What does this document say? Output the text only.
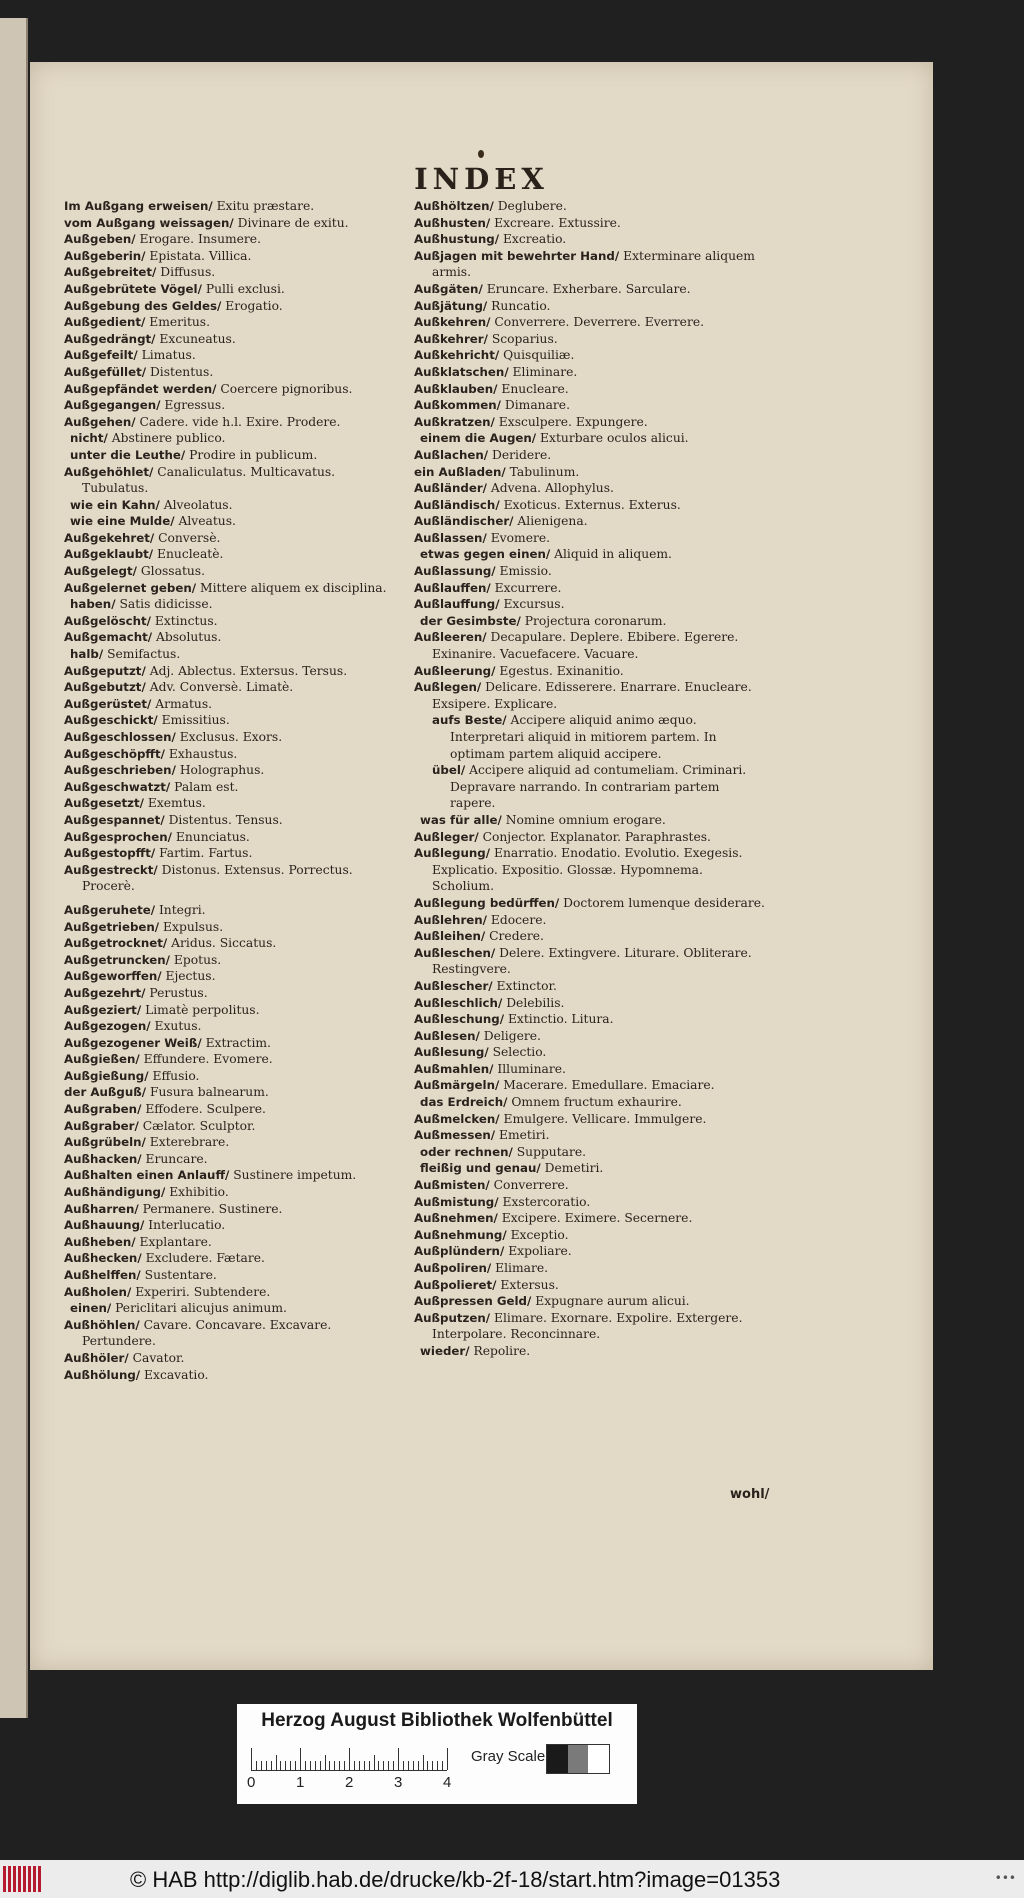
INDEX

Im Außgang erweisen/ Exitu præstare.

vom Außgang weissagen/ Divinare de exitu.

Außgeben/ Erogare. Insumere.

Außgeberin/ Epistata. Villica.

Außgebreitet/ Diffusus.

Außgebrütete Vögel/ Pulli exclusi.

Außgebung des Geldes/ Erogatio.

Außgedient/ Emeritus.

Außgedrängt/ Excuneatus.

Außgefeilt/ Limatus.

Außgefüllet/ Distentus.

Außgepfändet werden/ Coercere pignoribus.

Außgegangen/ Egressus.

Außgehen/ Cadere. vide h.l. Exire. Prodere.

nicht/ Abstinere publico.

unter die Leuthe/ Prodire in publicum.

Außgehöhlet/ Canaliculatus. Multicavatus. Tubulatus.

wie ein Kahn/ Alveolatus.

wie eine Mulde/ Alveatus.

Außgekehret/ Conversè.

Außgeklaubt/ Enucleatè.

Außgelegt/ Glossatus.

Außgelernet geben/ Mittere aliquem ex disciplina.

haben/ Satis didicisse.

Außgelöscht/ Extinctus.

Außgemacht/ Absolutus.

halb/ Semifactus.

Außgeputzt/ Adj. Ablectus. Extersus. Tersus.

Außgebutzt/ Adv. Conversè. Limatè.

Außgerüstet/ Armatus.

Außgeschickt/ Emissitius.

Außgeschlossen/ Exclusus. Exors.

Außgeschöpfft/ Exhaustus.

Außgeschrieben/ Holographus.

Außgeschwatzt/ Palam est.

Außgesetzt/ Exemtus.

Außgespannet/ Distentus. Tensus.

Außgesprochen/ Enunciatus.

Außgestopfft/ Fartim. Fartus.

Außgestreckt/ Distonus. Extensus. Porrectus. Procerè.

Außgeruhete/ Integri.

Außgetrieben/ Expulsus.

Außgetrocknet/ Aridus. Siccatus.

Außgetruncken/ Epotus.

Außgeworffen/ Ejectus.

Außgezehrt/ Perustus.

Außgeziert/ Limatè perpolitus.

Außgezogen/ Exutus.

Außgezogener Weiß/ Extractim.

Außgießen/ Effundere. Evomere.

Außgießung/ Effusio.

der Außguß/ Fusura balnearum.

Außgraben/ Effodere. Sculpere.

Außgraber/ Cælator. Sculptor.

Außgrübeln/ Exterebrare.

Außhacken/ Eruncare.

Außhalten einen Anlauff/ Sustinere impetum.

Außhändigung/ Exhibitio.

Außharren/ Permanere. Sustinere.

Außhauung/ Interlucatio.

Außheben/ Explantare.

Außhecken/ Excludere. Fætare.

Außhelffen/ Sustentare.

Außholen/ Experiri. Subtendere.

einen/ Periclitari alicujus animum.

Außhöhlen/ Cavare. Concavare. Excavare. Pertundere.

Außhöler/ Cavator.

Außhölung/ Excavatio.

Außhöltzen/ Deglubere.

Außhusten/ Excreare. Extussire.

Außhustung/ Excreatio.

Außjagen mit bewehrter Hand/ Exterminare aliquem armis.

Außgäten/ Eruncare. Exherbare. Sarculare.

Außjätung/ Runcatio.

Außkehren/ Converrere. Deverrere. Everrere.

Außkehrer/ Scoparius.

Außkehricht/ Quisquiliæ.

Außklatschen/ Eliminare.

Außklauben/ Enucleare.

Außkommen/ Dimanare.

Außkratzen/ Exsculpere. Expungere.

einem die Augen/ Exturbare oculos alicui.

Außlachen/ Deridere.

ein Außladen/ Tabulinum.

Außländer/ Advena. Allophylus.

Außländisch/ Exoticus. Externus. Exterus.

Außländischer/ Alienigena.

Außlassen/ Evomere.

etwas gegen einen/ Aliquid in aliquem.

Außlassung/ Emissio.

Außlauffen/ Excurrere.

Außlauffung/ Excursus.

der Gesimbste/ Projectura coronarum.

Außleeren/ Decapulare. Deplere. Ebibere. Egerere. Exinanire. Vacuefacere. Vacuare.

Außleerung/ Egestus. Exinanitio.

Außlegen/ Delicare. Edisserere. Enarrare. Enucleare. Exsipere. Explicare.

aufs Beste/ Accipere aliquid animo æquo. Interpretari aliquid in mitiorem partem. In optimam partem aliquid accipere.

übel/ Accipere aliquid ad contumeliam. Criminari. Depravare narrando. In contrariam partem rapere.

was für alle/ Nomine omnium erogare.

Außleger/ Conjector. Explanator. Paraphrastes.

Außlegung/ Enarratio. Enodatio. Evolutio. Exegesis. Explicatio. Expositio. Glossæ. Hypomnema. Scholium.

Außlegung bedürffen/ Doctorem lumenque desiderare.

Außlehren/ Edocere.

Außleihen/ Credere.

Außleschen/ Delere. Extingvere. Liturare. Obliterare. Restingvere.

Außlescher/ Extinctor.

Außleschlich/ Delebilis.

Außleschung/ Extinctio. Litura.

Außlesen/ Deligere.

Außlesung/ Selectio.

Außmahlen/ Illuminare.

Außmärgeln/ Macerare. Emedullare. Emaciare.

das Erdreich/ Omnem fructum exhaurire.

Außmelcken/ Emulgere. Vellicare. Immulgere.

Außmessen/ Emetiri.

oder rechnen/ Supputare.

fleißig und genau/ Demetiri.

Außmisten/ Converrere.

Außmistung/ Exstercoratio.

Außnehmen/ Excipere. Eximere. Secernere.

Außnehmung/ Exceptio.

Außplündern/ Expoliare.

Außpoliren/ Elimare.

Außpolieret/ Extersus.

Außpressen Geld/ Expugnare aurum alicui.

Außputzen/ Elimare. Exornare. Expolire. Extergere. Interpolare. Reconcinnare.

wieder/ Repolire.

wohl/
Herzog August Bibliothek Wolfenbüttel
0	1	2	3	4
Gray Scale
© HAB http://diglib.hab.de/drucke/kb-2f-18/start.htm?image=01353	•••
